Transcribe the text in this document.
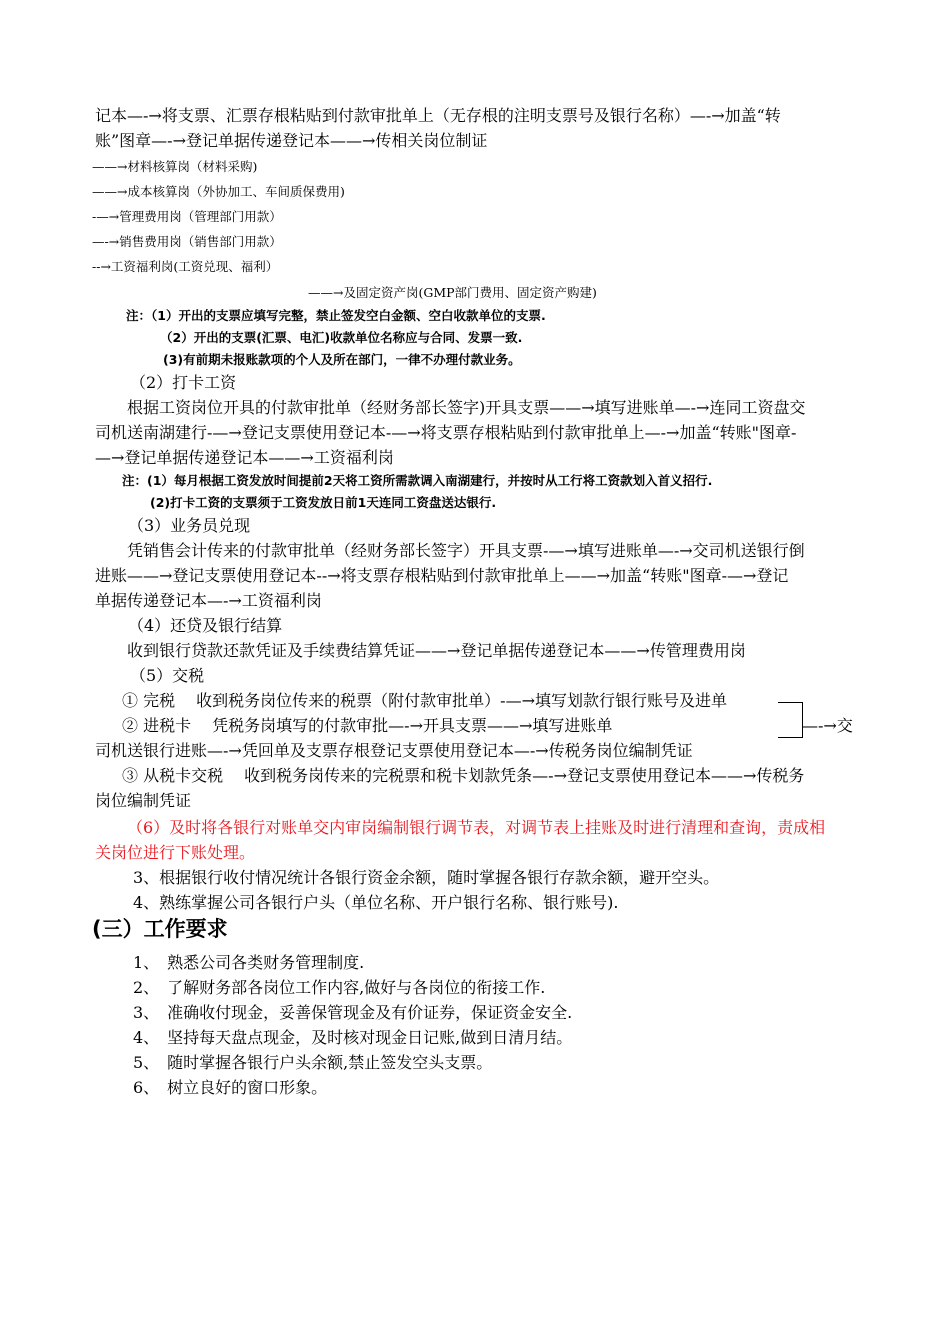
记本—-→将支票、汇票存根粘贴到付款审批单上（无存根的注明支票号及银行名称）—-→加盖“转
账”图章—-→登记单据传递登记本——→传相关岗位制证
——→材料核算岗（材料采购)
——→成本核算岗（外协加工、车间质保费用)
-—→管理费用岗（管理部门用款）
—-→销售费用岗（销售部门用款）
--→工资福利岗(工资兑现、福利）
——→及固定资产岗(GMP部门费用、固定资产购建)
注：（1）开出的支票应填写完整，禁止签发空白金额、空白收款单位的支票.
（2）开出的支票(汇票、电汇)收款单位名称应与合同、发票一致.
(3)有前期未报账款项的个人及所在部门，一律不办理付款业务。
（2）打卡工资
根据工资岗位开具的付款审批单（经财务部长签字)开具支票——→填写进账单—-→连同工资盘交
司机送南湖建行-—→登记支票使用登记本-—→将支票存根粘贴到付款审批单上—-→加盖“转账"图章-
—→登记单据传递登记本——→工资福利岗
注：(1）每月根据工资发放时间提前2天将工资所需款调入南湖建行，并按时从工行将工资款划入首义招行.
(2)打卡工资的支票须于工资发放日前1天连同工资盘送达银行.
（3）业务员兑现
凭销售会计传来的付款审批单（经财务部长签字）开具支票-—→填写进账单—-→交司机送银行倒
进账——→登记支票使用登记本--→将支票存根粘贴到付款审批单上——→加盖“转账"图章-—→登记
单据传递登记本—-→工资福利岗
（4）还贷及银行结算
收到银行贷款还款凭证及手续费结算凭证——→登记单据传递登记本——→传管理费用岗
（5）交税
① 完税　 收到税务岗位传来的税票（附付款审批单）-—→填写划款行银行账号及进单
② 进税卡　 凭税务岗填写的付款审批—-→开具支票——→填写进账单	—-→交
司机送银行进账—-→凭回单及支票存根登记支票使用登记本—-→传税务岗位编制凭证
③ 从税卡交税　 收到税务岗传来的完税票和税卡划款凭条—-→登记支票使用登记本——→传税务
岗位编制凭证
（6）及时将各银行对账单交内审岗编制银行调节表，对调节表上挂账及时进行清理和查询，责成相
关岗位进行下账处理。
3、根据银行收付情况统计各银行资金余额，随时掌握各银行存款余额，避开空头。
4、熟练掌握公司各银行户头（单位名称、开户银行名称、银行账号).
(三）工作要求
1、　熟悉公司各类财务管理制度.
2、　了解财务部各岗位工作内容,做好与各岗位的衔接工作.
3、　准确收付现金，妥善保管现金及有价证券，保证资金安全.
4、　坚持每天盘点现金，及时核对现金日记账,做到日清月结。
5、　随时掌握各银行户头余额,禁止签发空头支票。
6、　树立良好的窗口形象。
